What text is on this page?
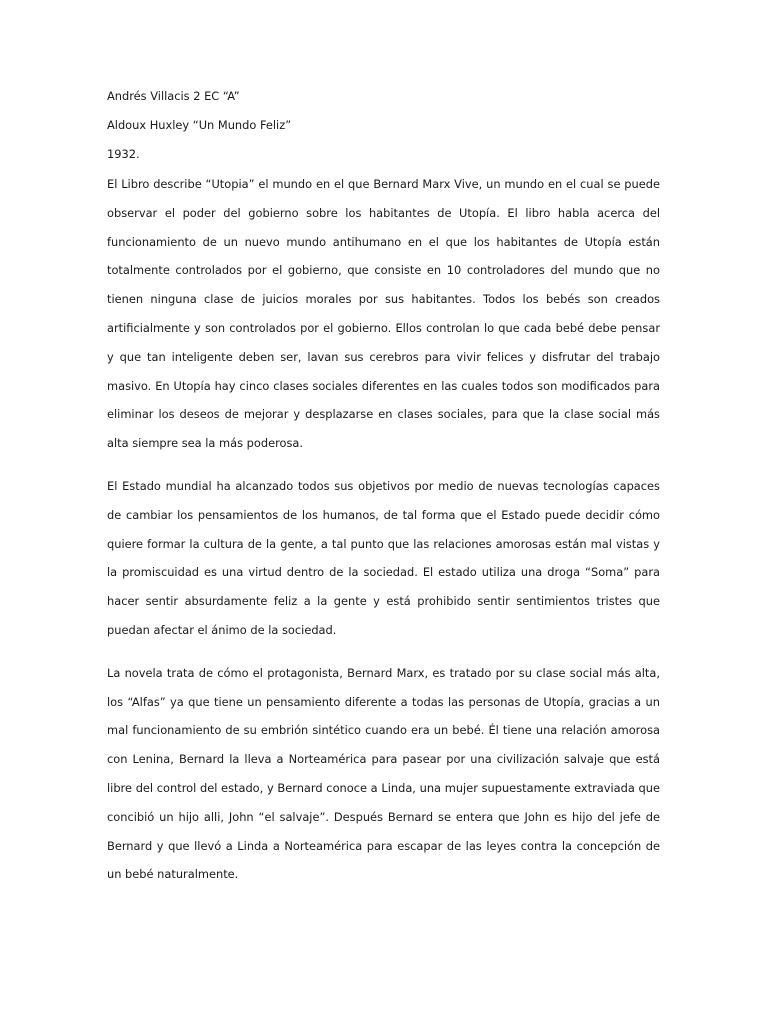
Andrés Villacis 2 EC “A”

Aldoux Huxley “Un Mundo Feliz”

1932.

El Libro describe “Utopia” el mundo en el que Bernard Marx Vive, un mundo en el cual se puede observar el poder del gobierno sobre los habitantes de Utopía. El libro habla acerca del funcionamiento de un nuevo mundo antihumano en el que los habitantes de Utopía están totalmente controlados por el gobierno, que consiste en 10 controladores del mundo que no tienen ninguna clase de juicios morales por sus habitantes. Todos los bebés son creados artificialmente y son controlados por el gobierno. Ellos controlan lo que cada bebé debe pensar y que tan inteligente deben ser, lavan sus cerebros para vivir felices y disfrutar del trabajo masivo. En Utopía hay cinco clases sociales diferentes en las cuales todos son modificados para eliminar los deseos de mejorar y desplazarse en clases sociales, para que la clase social más alta siempre sea la más poderosa.

El Estado mundial ha alcanzado todos sus objetivos por medio de nuevas tecnologías capaces de cambiar los pensamientos de los humanos, de tal forma que el Estado puede decidir cómo quiere formar la cultura de la gente, a tal punto que las relaciones amorosas están mal vistas y la promiscuidad es una virtud dentro de la sociedad. El estado utiliza una droga “Soma” para hacer sentir absurdamente feliz a la gente y está prohibido sentir sentimientos tristes que puedan afectar el ánimo de la sociedad.

La novela trata de cómo el protagonista, Bernard Marx, es tratado por su clase social más alta, los “Alfas” ya que tiene un pensamiento diferente a todas las personas de Utopía, gracias a un mal funcionamiento de su embrión sintético cuando era un bebé. Él tiene una relación amorosa con Lenina, Bernard la lleva a Norteamérica para pasear por una civilización salvaje que está libre del control del estado, y Bernard conoce a Linda, una mujer supuestamente extraviada que concibió un hijo alli, John “el salvaje”. Después Bernard se entera que John es hijo del jefe de Bernard y que llevó a Linda a Norteamérica para escapar de las leyes contra la concepción de un bebé naturalmente.
